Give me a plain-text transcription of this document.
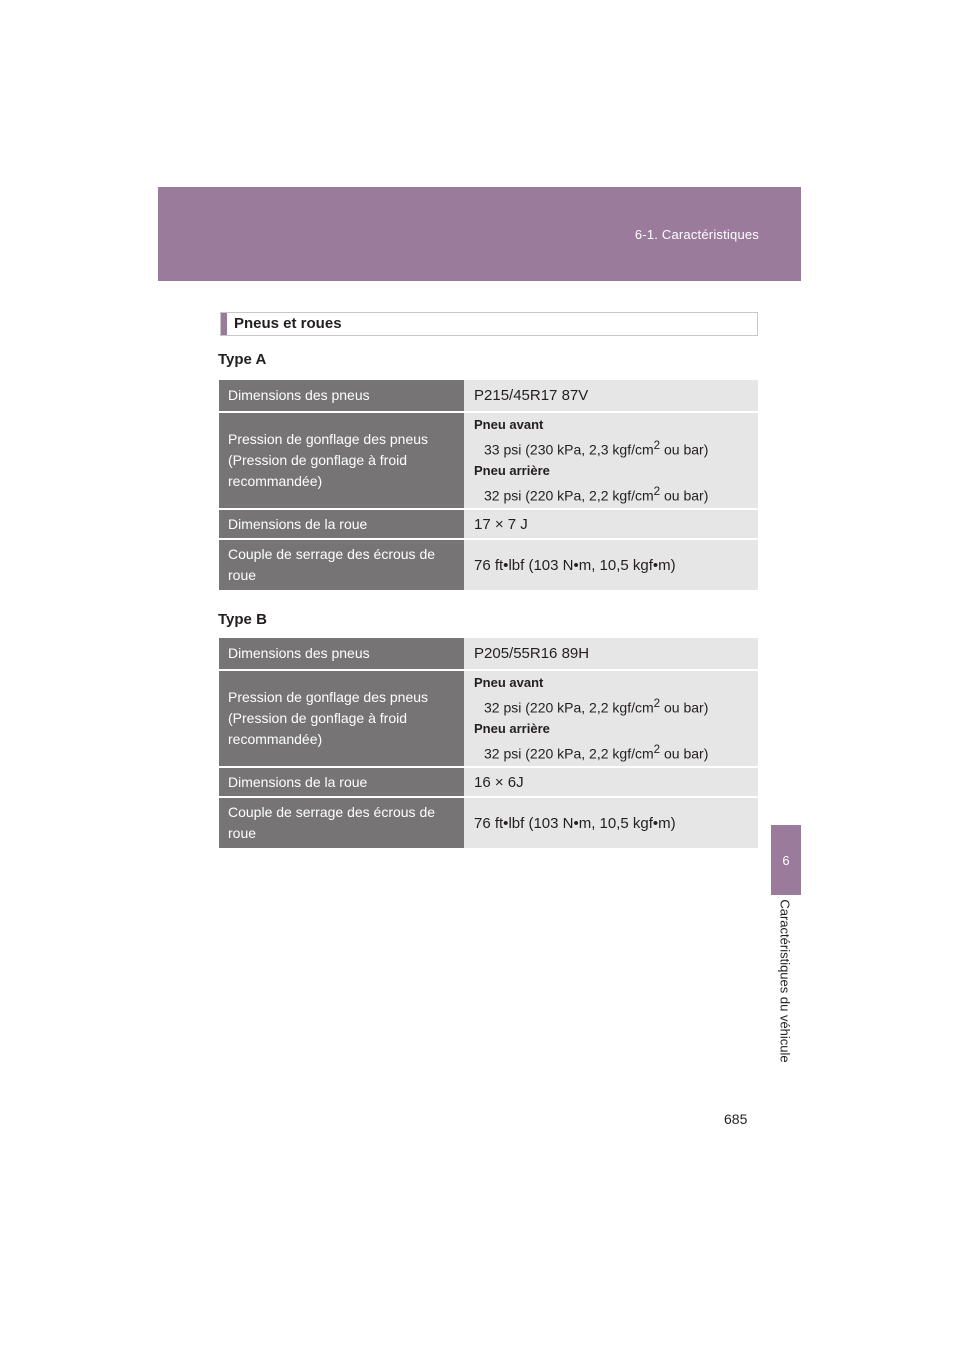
6-1. Caractéristiques
6
Caractéristiques du véhicule
Pneus et roues
Type A
Dimensions des pneus	P215/45R17 87V

Pression de gonflage des pneus (Pression de gonflage à froid recommandée)	Pneu avant
33 psi (230 kPa, 2,3 kgf/$cm^2$ ou bar)
Pneu arrière
32 psi (220 kPa, 2,2 kgf/$cm^2$ ou bar)

Dimensions de la roue	17 × 7 J

Couple de serrage des écrous de roue	76 ft•lbf (103 N•m, 10,5 kgf•m)
Type B
Dimensions des pneus	P205/55R16 89H

Pression de gonflage des pneus (Pression de gonflage à froid recommandée)	Pneu avant
32 psi (220 kPa, 2,2 kgf/$cm^2$ ou bar)
Pneu arrière
32 psi (220 kPa, 2,2 kgf/$cm^2$ ou bar)

Dimensions de la roue	16 × 6J

Couple de serrage des écrous de roue	76 ft•lbf (103 N•m, 10,5 kgf•m)
685
